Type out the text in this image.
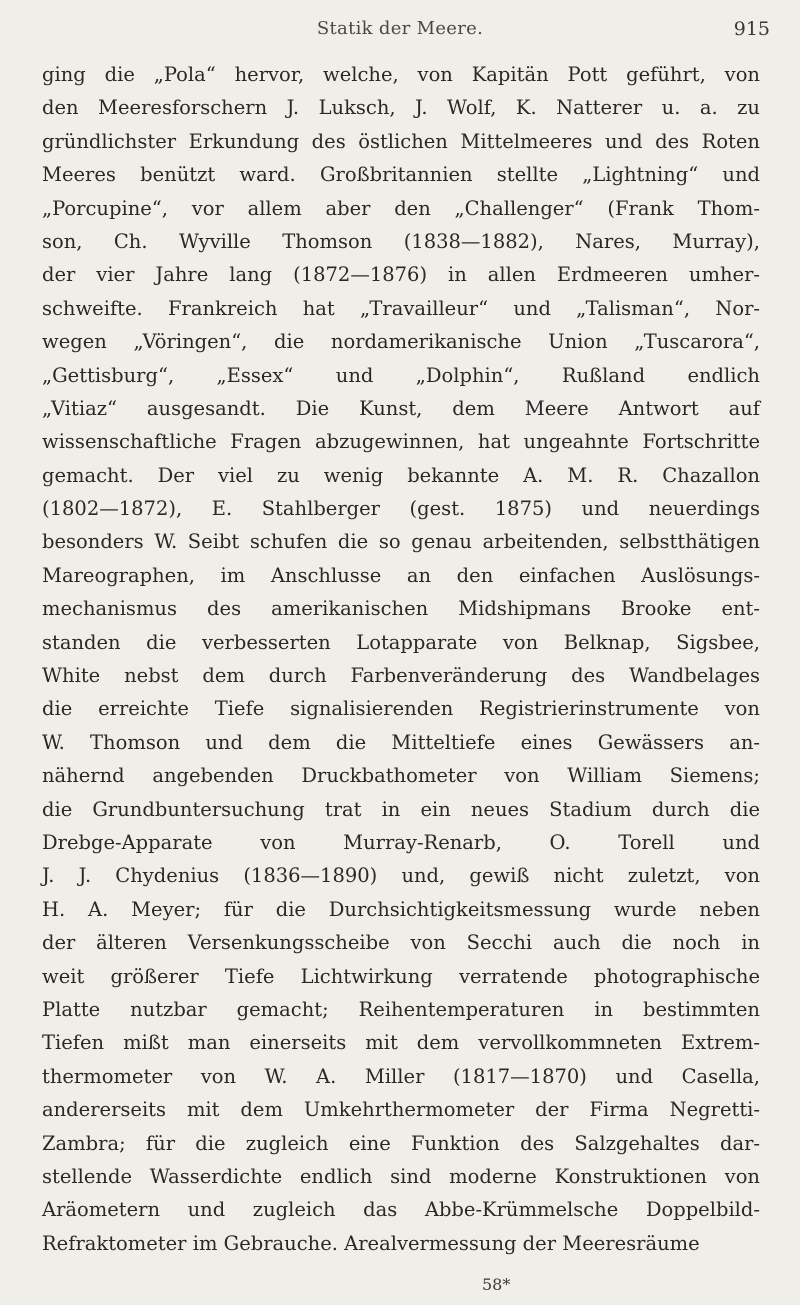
Statik der Meere.	915
ging die „Pola“ hervor, welche, von Kapitän Pott geführt, von
den Meeresforschern J. Luksch, J. Wolf, K. Natterer u. a. zu
gründlichster Erkundung des östlichen Mittelmeeres und des Roten
Meeres benützt ward. Großbritannien stellte „Lightning“ und
„Porcupine“, vor allem aber den „Challenger“ (Frank Thom-
son, Ch. Wyville Thomson (1838—1882), Nares, Murray),
der vier Jahre lang (1872—1876) in allen Erdmeeren umher-
schweifte. Frankreich hat „Travailleur“ und „Talisman“, Nor-
wegen „Vöringen“, die nordamerikanische Union „Tuscarora“,
„Gettisburg“, „Essex“ und „Dolphin“, Rußland endlich
„Vitiaz“ ausgesandt. Die Kunst, dem Meere Antwort auf
wissenschaftliche Fragen abzugewinnen, hat ungeahnte Fortschritte
gemacht. Der viel zu wenig bekannte A. M. R. Chazallon
(1802—1872), E. Stahlberger (gest. 1875) und neuerdings
besonders W. Seibt schufen die so genau arbeitenden, selbstthätigen
Mareographen, im Anschlusse an den einfachen Auslösungs-
mechanismus des amerikanischen Midshipmans Brooke ent-
standen die verbesserten Lotapparate von Belknap, Sigsbee,
White nebst dem durch Farbenveränderung des Wandbelages
die erreichte Tiefe signalisierenden Registrierinstrumente von
W. Thomson und dem die Mitteltiefe eines Gewässers an-
nähernd angebenden Druckbathometer von William Siemens;
die Grundbuntersuchung trat in ein neues Stadium durch die
Drebge-Apparate von Murray-Renarb, O. Torell und
J. J. Chydenius (1836—1890) und, gewiß nicht zuletzt, von
H. A. Meyer; für die Durchsichtigkeitsmessung wurde neben
der älteren Versenkungsscheibe von Secchi auch die noch in
weit größerer Tiefe Lichtwirkung verratende photographische
Platte nutzbar gemacht; Reihentemperaturen in bestimmten
Tiefen mißt man einerseits mit dem vervollkommneten Extrem-
thermometer von W. A. Miller (1817—1870) und Casella,
andererseits mit dem Umkehrthermometer der Firma Negretti-
Zambra; für die zugleich eine Funktion des Salzgehaltes dar-
stellende Wasserdichte endlich sind moderne Konstruktionen von
Aräometern und zugleich das Abbe-Krümmelsche Doppelbild-
Refraktometer im Gebrauche. Arealvermessung der Meeresräume
58*
